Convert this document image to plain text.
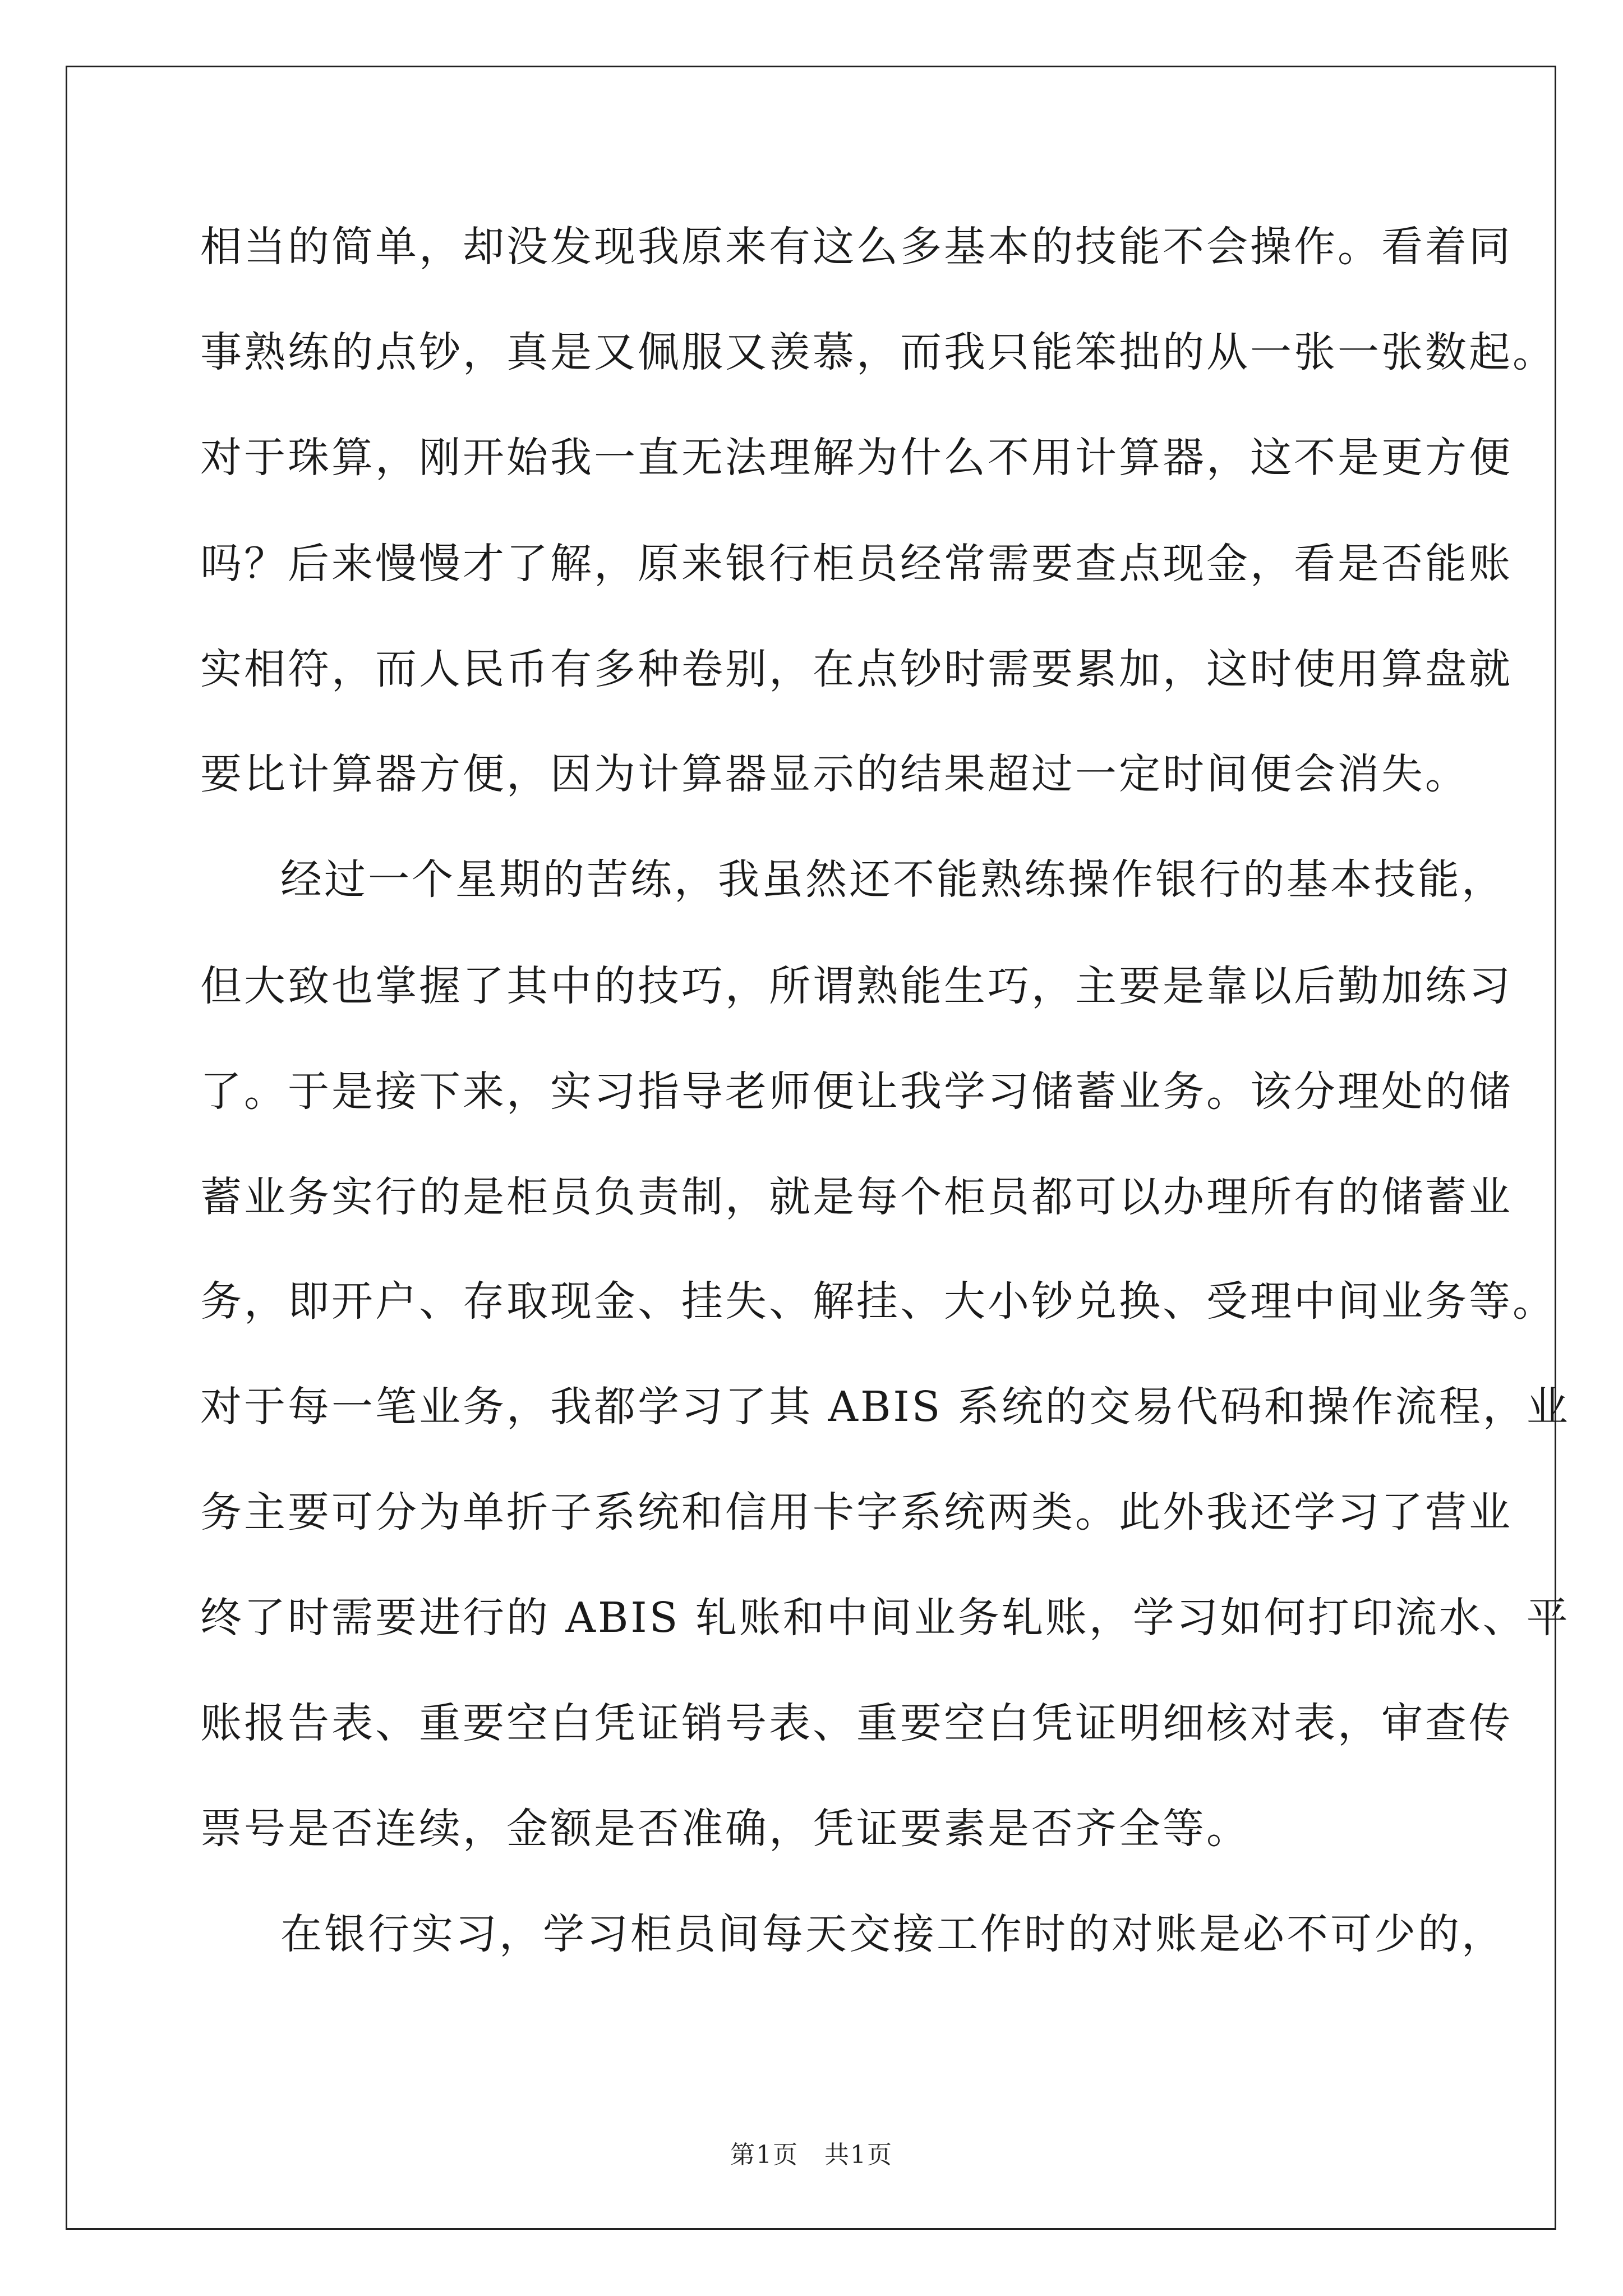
相当的简单，却没发现我原来有这么多基本的技能不会操作。看着同
事熟练的点钞，真是又佩服又羡慕，而我只能笨拙的从一张一张数起。
对于珠算，刚开始我一直无法理解为什么不用计算器，这不是更方便
吗？后来慢慢才了解，原来银行柜员经常需要查点现金，看是否能账
实相符，而人民币有多种卷别，在点钞时需要累加，这时使用算盘就
要比计算器方便，因为计算器显示的结果超过一定时间便会消失。
经过一个星期的苦练，我虽然还不能熟练操作银行的基本技能，
但大致也掌握了其中的技巧，所谓熟能生巧，主要是靠以后勤加练习
了。于是接下来，实习指导老师便让我学习储蓄业务。该分理处的储
蓄业务实行的是柜员负责制，就是每个柜员都可以办理所有的储蓄业
务，即开户、存取现金、挂失、解挂、大小钞兑换、受理中间业务等。
对于每一笔业务，我都学习了其 ABIS 系统的交易代码和操作流程，业
务主要可分为单折子系统和信用卡字系统两类。此外我还学习了营业
终了时需要进行的 ABIS 轧账和中间业务轧账，学习如何打印流水、平
账报告表、重要空白凭证销号表、重要空白凭证明细核对表，审查传
票号是否连续，金额是否准确，凭证要素是否齐全等。
在银行实习，学习柜员间每天交接工作时的对账是必不可少的，
第1页　共1页
